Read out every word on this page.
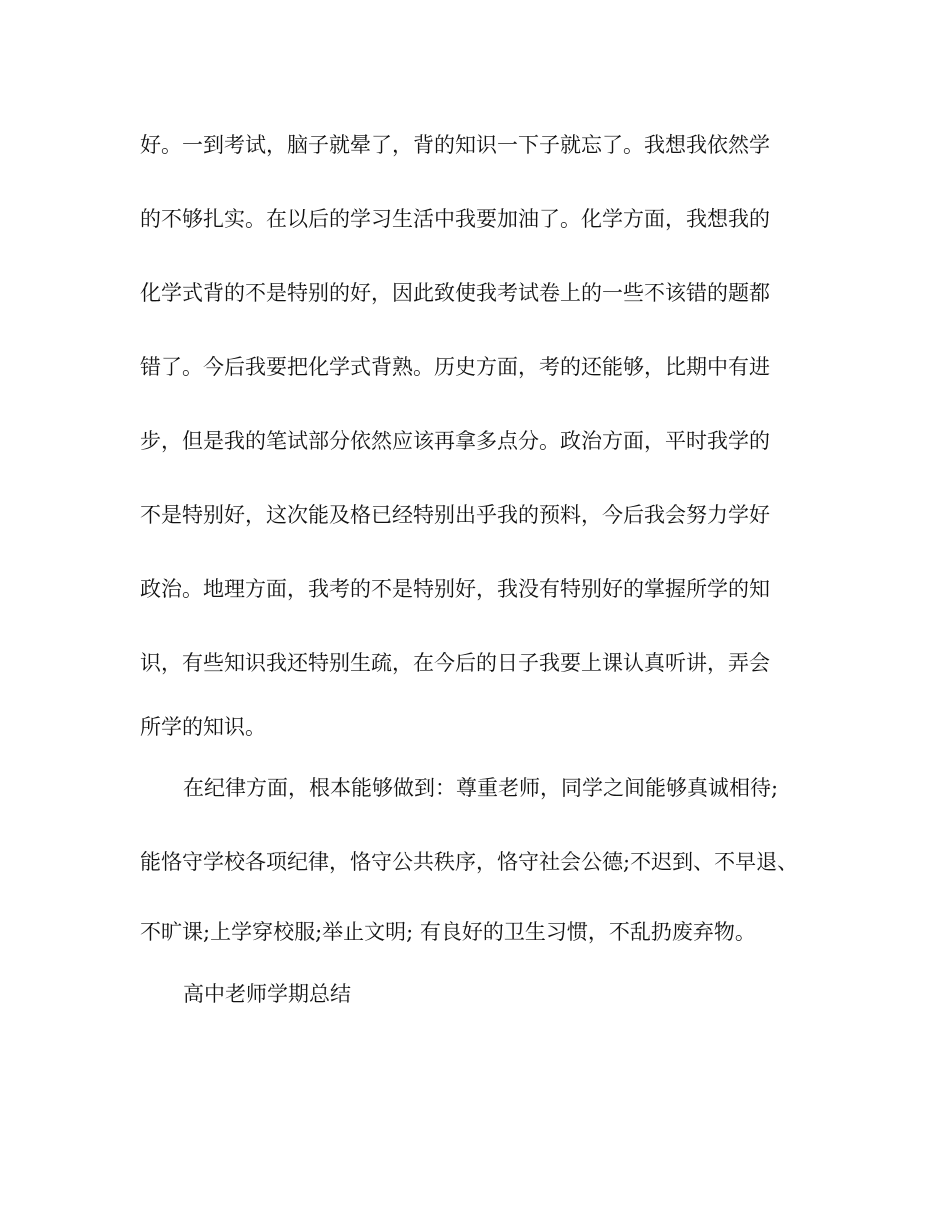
好。一到考试，脑子就晕了，背的知识一下子就忘了。我想我依然学

的不够扎实。在以后的学习生活中我要加油了。化学方面，我想我的

化学式背的不是特别的好，因此致使我考试卷上的一些不该错的题都

错了。今后我要把化学式背熟。历史方面，考的还能够，比期中有进

步，但是我的笔试部分依然应该再拿多点分。政治方面，平时我学的

不是特别好，这次能及格已经特别出乎我的预料，今后我会努力学好

政治。地理方面，我考的不是特别好，我没有特别好的掌握所学的知

识，有些知识我还特别生疏，在今后的日子我要上课认真听讲，弄会

所学的知识。

在纪律方面，根本能够做到：尊重老师，同学之间能够真诚相待;

能恪守学校各项纪律，恪守公共秩序，恪守社会公德;不迟到、不早退、

不旷课;上学穿校服;举止文明; 有良好的卫生习惯，不乱扔废弃物。

高中老师学期总结
